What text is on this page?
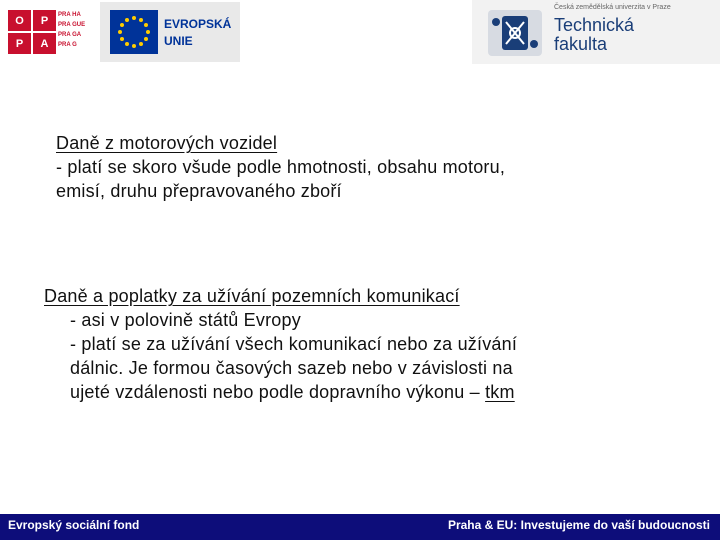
O	P
P	A
PRA HA
PRA GUE
PRA GA
PRA G
EVROPSKÁ
UNIE
Česká zemědělská univerzita v Praze
Technická
fakulta
Daně z motorových vozidel
- platí se skoro všude podle hmotnosti, obsahu motoru,
emisí, druhu přepravovaného zboří
Daně a poplatky za užívání pozemních komunikací
- asi v polovině států Evropy
- platí se za užívání všech komunikací nebo za užívání
dálnic. Je formou časových sazeb nebo v závislosti na
ujeté vzdálenosti nebo podle dopravního výkonu – tkm
Evropský sociální fond	Praha & EU: Investujeme do vaší budoucnosti
